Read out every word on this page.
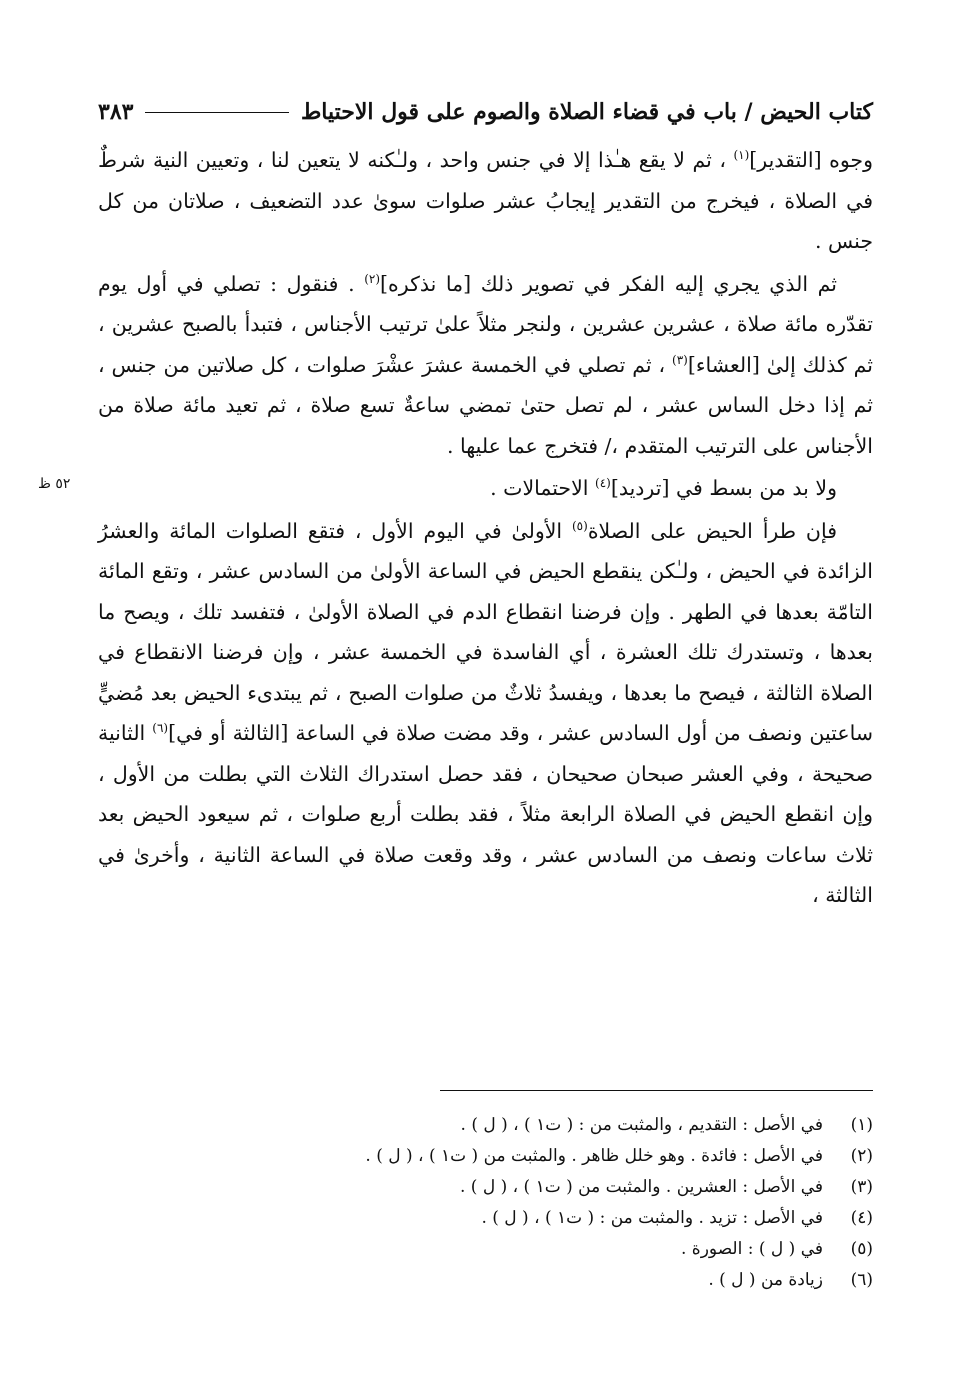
كتاب الحيض / باب في قضاء الصلاة والصوم على قول الاحتياط
٣٨٣

وجوه [التقدير]$^{(١)}$ ، ثم لا يقع هـٰذا إلا في جنس واحد ، ولـٰكنه لا يتعين لنا ، وتعيين النية شرطٌ في الصلاة ، فيخرج من التقدير إيجابُ عشر صلوات سوىٰ عدد التضعيف ، صلاتان من كل جنس .

ثم الذي يجري إليه الفكر في تصوير ذلك [ما نذكره]$^{(٢)}$ . فنقول : تصلي في أول يوم تقدّره مائة صلاة ، عشرين عشرين ، ولنجر مثلاً علىٰ ترتيب الأجناس ، فتبدأ بالصبح عشرين ، ثم كذلك إلىٰ [العشاء]$^{(٣)}$ ، ثم تصلي في الخمسة عشرَ عشْرَ صلوات ، كل صلاتين من جنس ، ثم إذا دخل الساس عشر ، لم تصل حتىٰ تمضي ساعةٌ تسع صلاة ، ثم تعيد مائة صلاة من الأجناس على الترتيب المتقدم ،/ فتخرج عما عليها .

ولا بد من بسط في [ترديد]$^{(٤)}$ الاحتمالات .

فإن طرأ الحيض على الصلاة$^{(٥)}$ الأولىٰ في اليوم الأول ، فتقع الصلوات المائة والعشرُ الزائدة في الحيض ، ولـٰكن ينقطع الحيض في الساعة الأولىٰ من السادس عشر ، وتقع المائة التامّة بعدها في الطهر . وإن فرضنا انقطاع الدم في الصلاة الأولىٰ ، فتفسد تلك ، ويصح ما بعدها ، وتستدرك تلك العشرة ، أي الفاسدة في الخمسة عشر ، وإن فرضنا الانقطاع في الصلاة الثالثة ، فيصح ما بعدها ، ويفسدُ ثلاثٌ من صلوات الصبح ، ثم يبتدىء الحيض بعد مُضيٍّ ساعتين ونصف من أول السادس عشر ، وقد مضت صلاة في الساعة [الثالثة أو في]$^{(٦)}$ الثانية صحيحة ، وفي العشر صبحان صحيحان ، فقد حصل استدراك الثلاث التي بطلت من الأول ، وإن انقطع الحيض في الصلاة الرابعة مثلاً ، فقد بطلت أربع صلوات ، ثم سيعود الحيض بعد ثلاث ساعات ونصف من السادس عشر ، وقد وقعت صلاة في الساعة الثانية ، وأخرىٰ في الثالثة ،

٥٢ ظ
(١)
في الأصل : التقديم ، والمثبت من : ( ت١ ) ، ( ل ) .
(٢)
في الأصل : فائدة . وهو خلل ظاهر . والمثبت من ( ت١ ) ، ( ل ) .
(٣)
في الأصل : العشرين . والمثبت من ( ت١ ) ، ( ل ) .
(٤)
في الأصل : تزيد . والمثبت من : ( ت١ ) ، ( ل ) .
(٥)
في ( ل ) : الصورة .
(٦)
زيادة من ( ل ) .
